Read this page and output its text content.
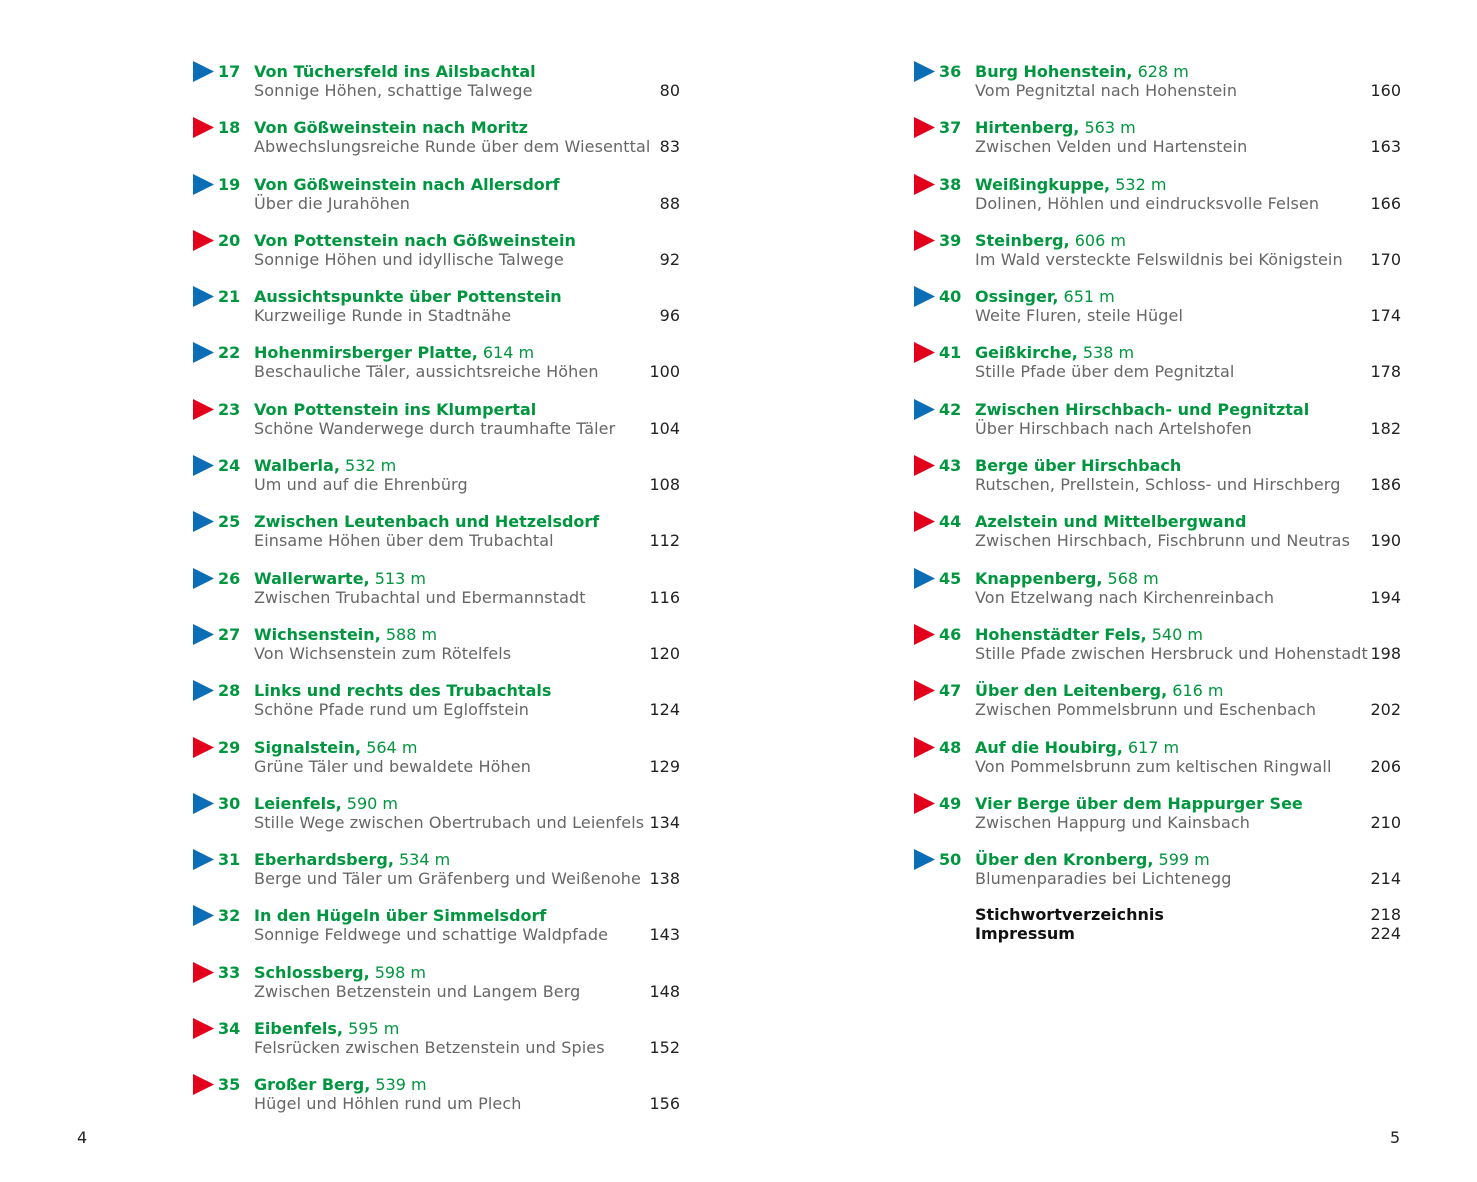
17 Von Tüchersfeld ins Ailsbachtal
Sonnige Höhen, schattige Talwege	80
18 Von Gößweinstein nach Moritz
Abwechslungsreiche Runde über dem Wiesenttal 83
19 Von Gößweinstein nach Allersdorf
Über die Jurahöhen	88
20 Von Pottenstein nach Gößweinstein
Sonnige Höhen und idyllische Talwege	92
21 Aussichtspunkte über Pottenstein
Kurzweilige Runde in Stadtnähe	96
22 Hohenmirsberger Platte, 614 m
Beschauliche Täler, aussichtsreiche Höhen	100
23 Von Pottenstein ins Klumpertal
Schöne Wanderwege durch traumhafte Täler 104
24 Walberla, 532 m
Um und auf die Ehrenbürg	108
25 Zwischen Leutenbach und Hetzelsdorf
Einsame Höhen über dem Trubachtal	112
26 Wallerwarte, 513 m
Zwischen Trubachtal und Ebermannstadt	116
27 Wichsenstein, 588 m
Von Wichsenstein zum Rötelfels	120
28 Links und rechts des Trubachtals
Schöne Pfade rund um Egloffstein	124
29 Signalstein, 564 m
Grüne Täler und bewaldete Höhen	129
30 Leienfels, 590 m
Stille Wege zwischen Obertrubach und Leienfels 134
31 Eberhardsberg, 534 m
Berge und Täler um Gräfenberg und Weißenohe 138
32 In den Hügeln über Simmelsdorf
Sonnige Feldwege und schattige Waldpfade	143
33 Schlossberg, 598 m
Zwischen Betzenstein und Langem Berg	148
34 Eibenfels, 595 m
Felsrücken zwischen Betzenstein und Spies	152
35 Großer Berg, 539 m
Hügel und Höhlen rund um Plech	156
4
36 Burg Hohenstein, 628 m
Vom Pegnitztal nach Hohenstein	160
37 Hirtenberg, 563 m
Zwischen Velden und Hartenstein	163
38 Weißingkuppe, 532 m
Dolinen, Höhlen und eindrucksvolle Felsen	166
39 Steinberg, 606 m
Im Wald versteckte Felswildnis bei Königstein 170
40 Ossinger, 651 m
Weite Fluren, steile Hügel	174
41 Geißkirche, 538 m
Stille Pfade über dem Pegnitztal	178
42 Zwischen Hirschbach- und Pegnitztal
Über Hirschbach nach Artelshofen	182
43 Berge über Hirschbach
Rutschen, Prellstein, Schloss- und Hirschberg 186
44 Azelstein und Mittelbergwand
Zwischen Hirschbach, Fischbrunn und Neutras 190
45 Knappenberg, 568 m
Von Etzelwang nach Kirchenreinbach	194
46 Hohenstädter Fels, 540 m
Stille Pfade zwischen Hersbruck und Hohenstadt 198
47 Über den Leitenberg, 616 m
Zwischen Pommelsbrunn und Eschenbach	202
48 Auf die Houbirg, 617 m
Von Pommelsbrunn zum keltischen Ringwall 206
49 Vier Berge über dem Happurger See
Zwischen Happurg und Kainsbach	210
50 Über den Kronberg, 599 m
Blumenparadies bei Lichtenegg	214
Stichwortverzeichnis	218
Impressum	224
5
